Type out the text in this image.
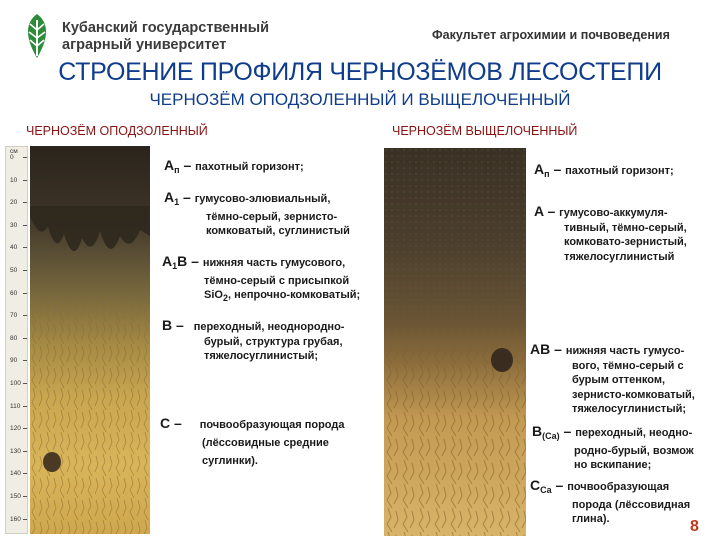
Кубанский государственный
аграрный университет
Факультет агрохимии и почвоведения
СТРОЕНИЕ ПРОФИЛЯ ЧЕРНОЗЁМОВ ЛЕСОСТЕПИ
ЧЕРНОЗЁМ ОПОДЗОЛЕННЫЙ И ВЫЩЕЛОЧЕННЫЙ
ЧЕРНОЗЁМ ОПОДЗОЛЕННЫЙ	ЧЕРНОЗЁМ ВЫЩЕЛОЧЕННЫЙ
см
0
10
20
30
40
50
60
70
80
90
100
110
120
130
140
150
160
$A_п$ – пахотный горизонт;
$A_1$ – гумусово-элювиальный,
тёмно-серый, зернисто-
комковатый, суглинистый
$A_1B$ – нижняя часть гумусового,
тёмно-серый с присыпкой
SiO$_2$, непрочно-комковатый;
B – переходный, неоднородно-
бурый, структура грубая,
тяжелосуглинистый;
C – почвообразующая порода
(лёссовидные средние
суглинки).
$A_п$ – пахотный горизонт;
A – гумусово-аккумуля-
тивный, тёмно-серый,
комковато-зернистый,
тяжелосуглинистый
AB – нижняя часть гумусо-
вого, тёмно-серый с
бурым оттенком,
зернисто-комковатый,
тяжелосуглинистый;
$B_{(Ca)}$ – переходный, неодно-
родно-бурый, возмож
но вскипание;
$C_{Ca}$ – почвообразующая
порода (лёссовидная
глина).	8
